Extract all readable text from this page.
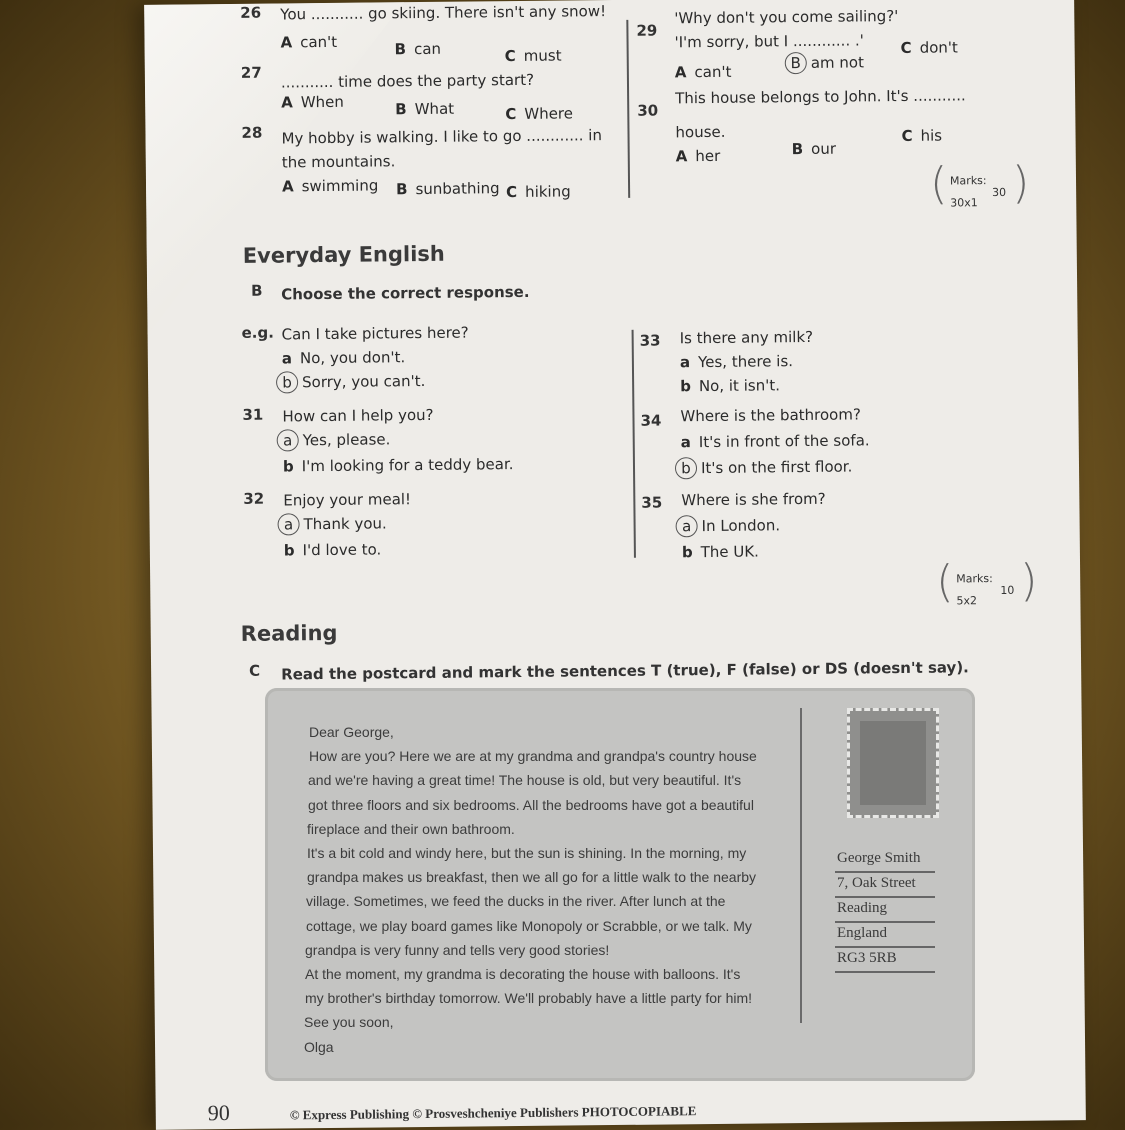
26 You ........... go skiing. There isn't any snow!
A can't	B can	C must
27 ........... time does the party start?
A When	B What	C Where
28 My hobby is walking. I like to go ............ in
the mountains.
A swimming B sunbathing C hiking
29
'Why don't you come sailing?'
'I'm sorry, but I ............ .'
A can't	B am not
C don't
30
This house belongs to John. It's ...........
house.
A her	B our
C his
( Marks:
30x1
30 )
Everyday English
B Choose the correct response.
e.g. Can I take pictures here?
a No, you don't.
b Sorry, you can't.
31 How can I help you?
a Yes, please.
b I'm looking for a teddy bear.
32 Enjoy your meal!
a Thank you.
b I'd love to.
33 Is there any milk?
a Yes, there is.
b No, it isn't.
34 Where is the bathroom?
a It's in front of the sofa.
b It's on the first floor.
35 Where is she from?
a In London.
b The UK.
( Marks:
5x2
10 )
Reading
C Read the postcard and mark the sentences T (true), F (false) or DS (doesn't say).
90	© Express Publishing © Prosveshcheniye Publishers PHOTOCOPIABLE
Dear George,
How are you? Here we are at my grandma and grandpa's country house
and we're having a great time! The house is old, but very beautiful. It's
got three floors and six bedrooms. All the bedrooms have got a beautiful
fireplace and their own bathroom.
It's a bit cold and windy here, but the sun is shining. In the morning, my
grandpa makes us breakfast, then we all go for a little walk to the nearby
village. Sometimes, we feed the ducks in the river. After lunch at the
cottage, we play board games like Monopoly or Scrabble, or we talk. My
grandpa is very funny and tells very good stories!
At the moment, my grandma is decorating the house with balloons. It's
my brother's birthday tomorrow. We'll probably have a little party for him!
See you soon,
Olga
George Smith
7, Oak Street
Reading
England
RG3 5RB
